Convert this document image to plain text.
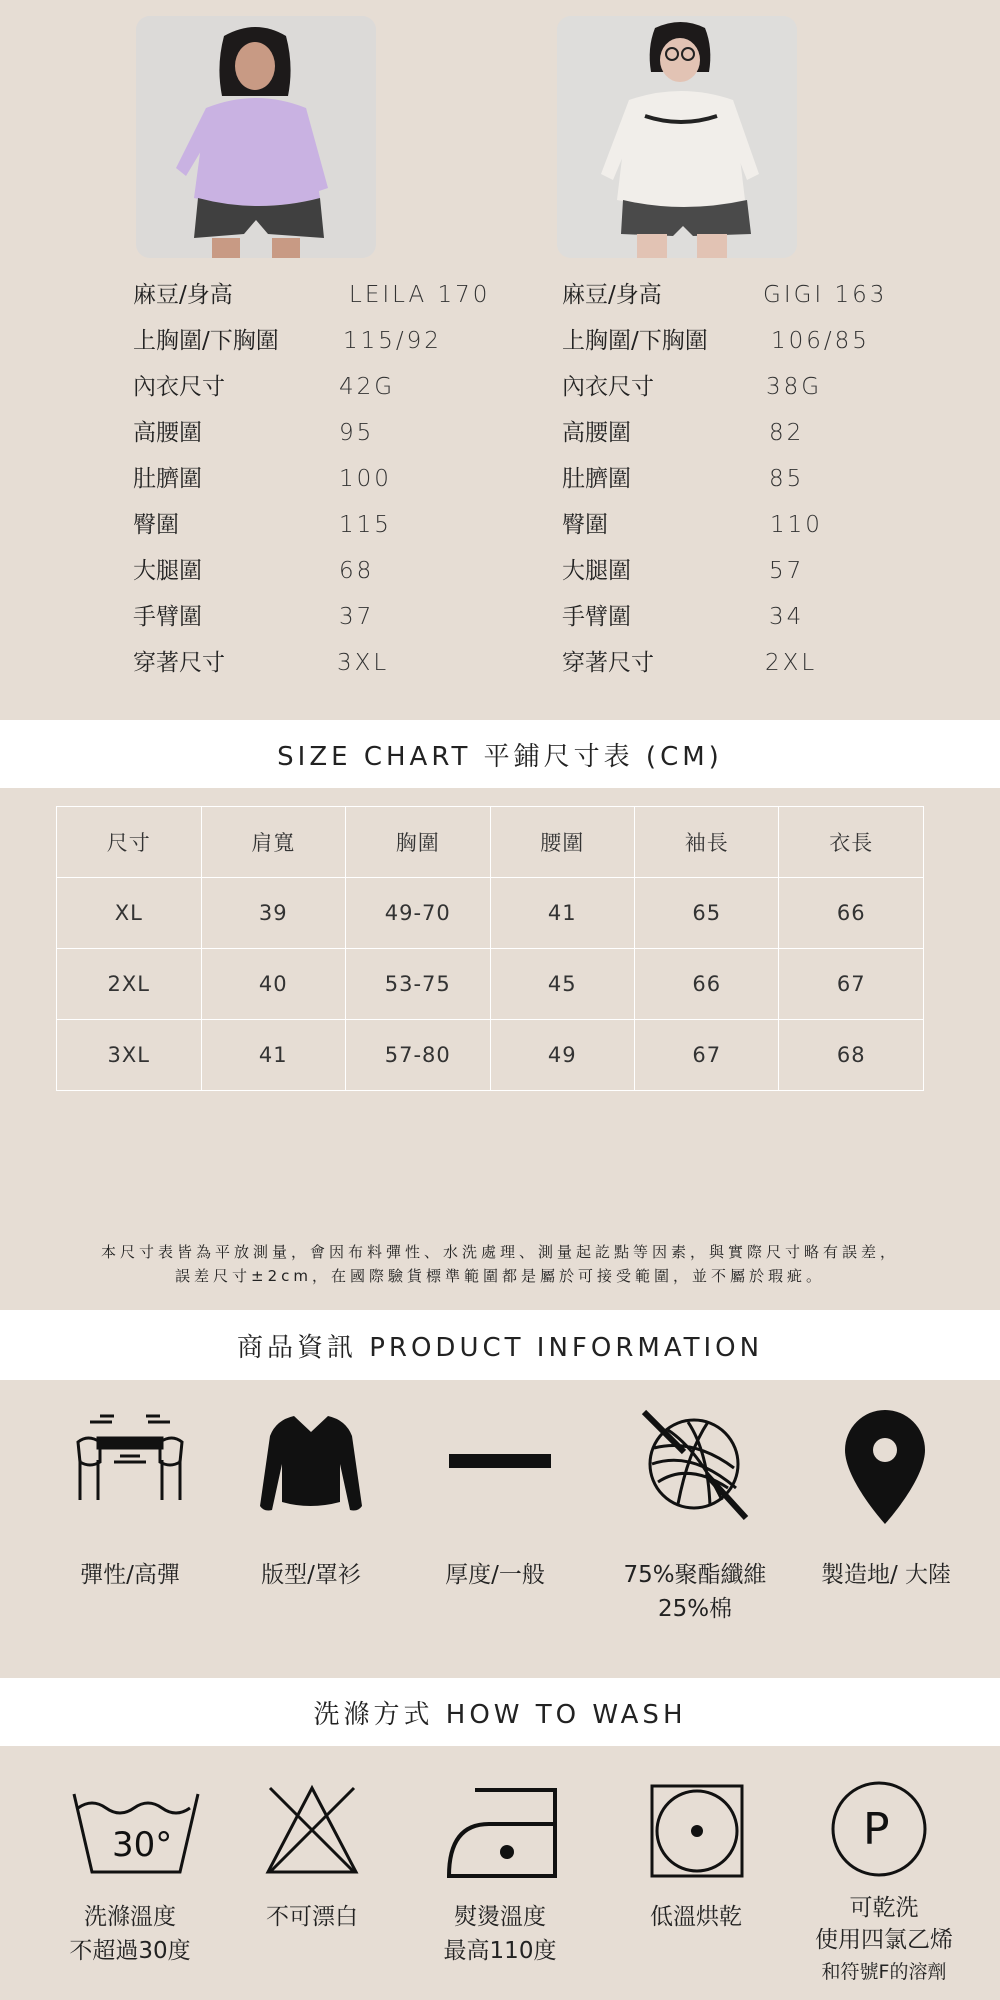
麻豆/身高	LEILA 170
上胸圍/下胸圍	115/92
內衣尺寸	42G
高腰圍	95
肚臍圍	100
臀圍	115
大腿圍	68
手臂圍	37
穿著尺寸	3XL
麻豆/身高	GIGI 163
上胸圍/下胸圍	106/85
內衣尺寸	38G
高腰圍	82
肚臍圍	85
臀圍	110
大腿圍	57
手臂圍	34
穿著尺寸	2XL
SIZE CHART 平鋪尺寸表 (CM)
尺寸	肩寬	胸圍	腰圍	袖長	衣長
XL	39	49-70	41	65	66
2XL	40	53-75	45	66	67
3XL	41	57-80	49	67	68
本尺寸表皆為平放測量，會因布料彈性、水洗處理、測量起訖點等因素，與實際尺寸略有誤差，
誤差尺寸±2cm，在國際驗貨標準範圍都是屬於可接受範圍，並不屬於瑕疵。
商品資訊 PRODUCT INFORMATION
彈性/高彈	版型/罩衫	厚度/一般	75%聚酯纖維
25%棉
製造地/ 大陸
洗滌方式 HOW TO WASH
30°	P
洗滌溫度
不超過30度
不可漂白	熨燙溫度
最高110度
低溫烘乾	可乾洗
使用四氯乙烯
和符號F的溶劑
